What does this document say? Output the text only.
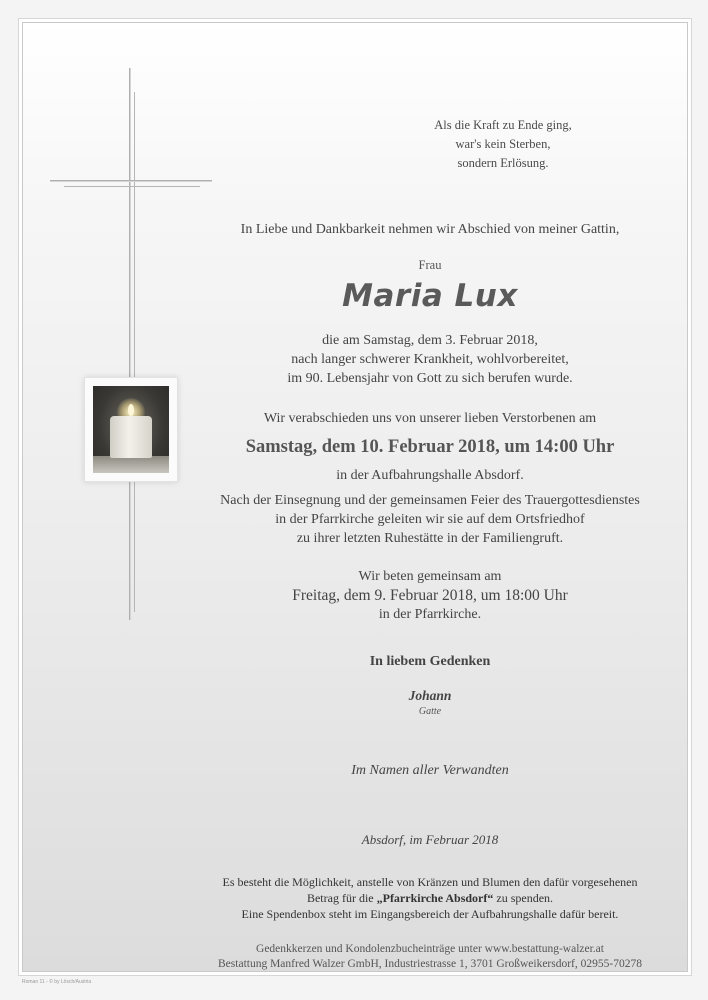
Als die Kraft zu Ende ging,
war's kein Sterben,
sondern Erlösung.
In Liebe und Dankbarkeit nehmen wir Abschied von meiner Gattin,
Frau
Maria Lux
die am Samstag, dem 3. Februar 2018,
nach langer schwerer Krankheit, wohlvorbereitet,
im 90. Lebensjahr von Gott zu sich berufen wurde.
Wir verabschieden uns von unserer lieben Verstorbenen am
Samstag, dem 10. Februar 2018, um 14:00 Uhr
in der Aufbahrungshalle Absdorf.
Nach der Einsegnung und der gemeinsamen Feier des Trauergottesdienstes
in der Pfarrkirche geleiten wir sie auf dem Ortsfriedhof
zu ihrer letzten Ruhestätte in der Familiengruft.
Wir beten gemeinsam am
Freitag, dem 9. Februar 2018, um 18:00 Uhr
in der Pfarrkirche.
In liebem Gedenken
Johann
Gatte
Im Namen aller Verwandten
Absdorf, im Februar 2018
Es besteht die Möglichkeit, anstelle von Kränzen und Blumen den dafür vorgesehenen
Betrag für die „Pfarrkirche Absdorf“ zu spenden.
Eine Spendenbox steht im Eingangsbereich der Aufbahrungshalle dafür bereit.
Gedenkkerzen und Kondolenzbucheinträge unter www.bestattung-walzer.at
Bestattung Manfred Walzer GmbH, Industriestrasse 1, 3701 Großweikersdorf, 02955-70278
Roman 11 - © by Lösch/Austria
